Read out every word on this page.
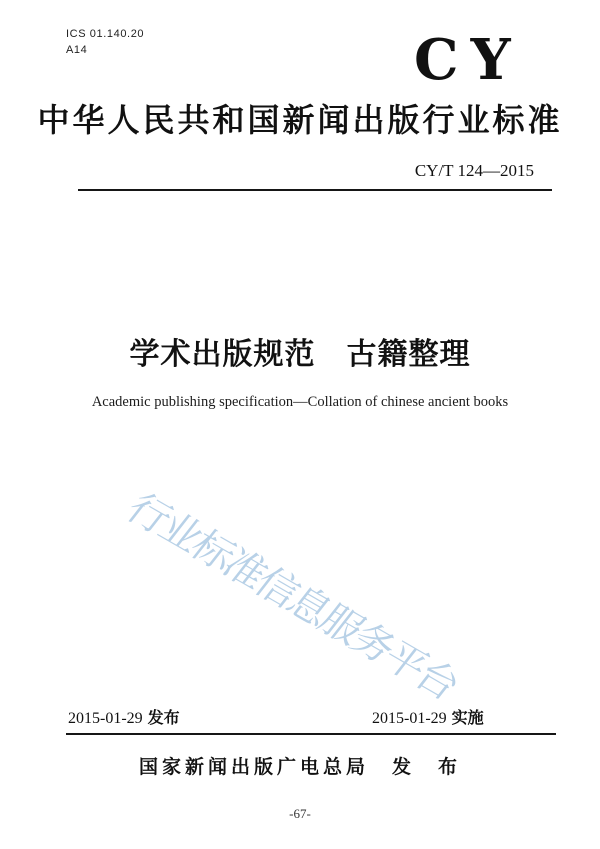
ICS 01.140.20
A14	CY
中华人民共和国新闻出版行业标准
CY/T 124—2015
学术出版规范　古籍整理
Academic publishing specification—Collation of chinese ancient books
行业标准信息服务平台
2015-01-29 发布	2015-01-29 实施
国家新闻出版广电总局　发　布
-67-
